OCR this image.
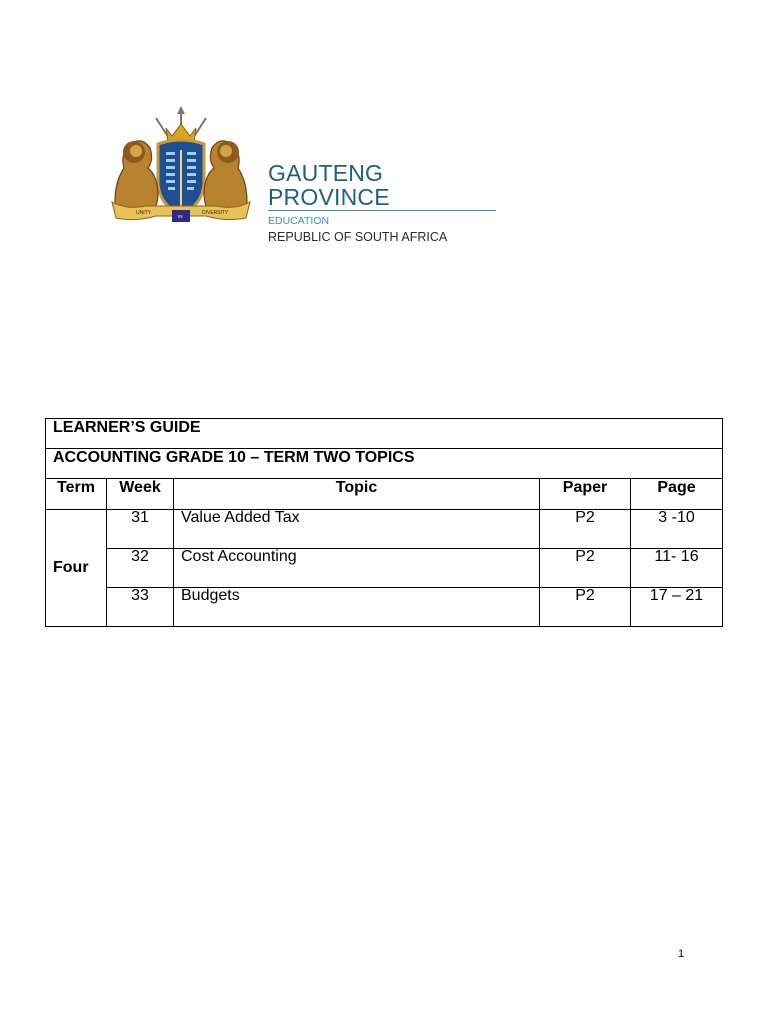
UNITY
IN
DIVERSITY
GAUTENG PROVINCE
EDUCATION
REPUBLIC OF SOUTH AFRICA
LEARNER’S GUIDE				
ACCOUNTING GRADE 10 – TERM TWO TOPICS				
Term	Week	Topic	Paper	Page
Four	31	Value Added Tax	P2	3 -10
	32	Cost Accounting	P2	11- 16
	33	Budgets	P2	17 – 21
1
